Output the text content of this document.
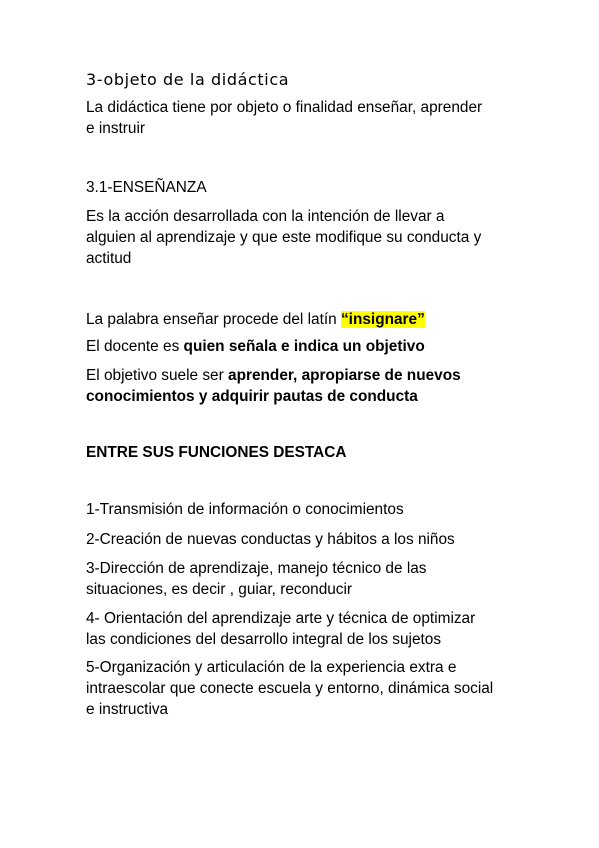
3-objeto de la didáctica

La didáctica tiene por objeto o finalidad enseñar, aprender
e instruir

3.1-ENSEÑANZA

Es la acción desarrollada con la intención de llevar a
alguien al aprendizaje y que este modifique su conducta y
actitud

La palabra enseñar procede del latín “insignare”

El docente es quien señala e indica un objetivo

El objetivo suele ser aprender, apropiarse de nuevos
conocimientos y adquirir pautas de conducta

ENTRE SUS FUNCIONES DESTACA

1-Transmisión de información o conocimientos

2-Creación de nuevas conductas y hábitos a los niños

3-Dirección de aprendizaje, manejo técnico de las
situaciones, es decir , guiar, reconducir

4- Orientación del aprendizaje arte y técnica de optimizar
las condiciones del desarrollo integral de los sujetos

5-Organización y articulación de la experiencia extra e
intraescolar que conecte escuela y entorno, dinámica social
e instructiva
